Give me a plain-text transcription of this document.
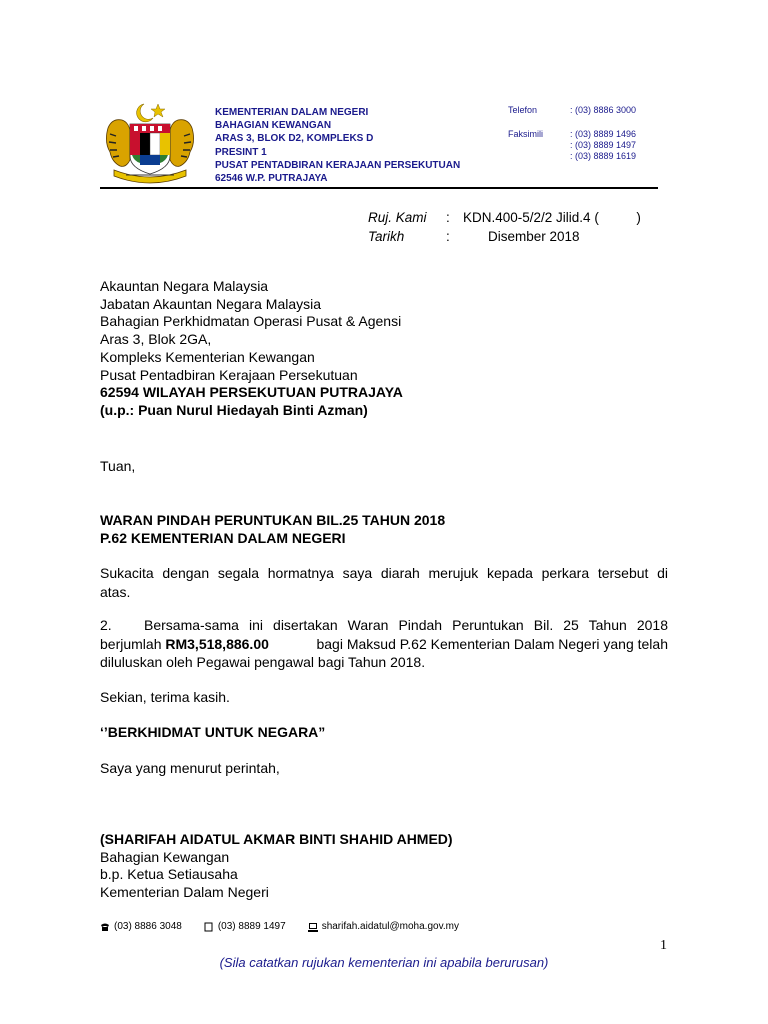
KEMENTERIAN DALAM NEGERI
BAHAGIAN KEWANGAN
ARAS 3, BLOK D2, KOMPLEKS D
PRESINT 1
PUSAT PENTADBIRAN KERAJAAN PERSEKUTUAN
62546 W.P. PUTRAJAYA
Telefon	: (03) 8886 3000
Faksimili	: (03) 8889 1496
: (03) 8889 1497
: (03) 8889 1619
Ruj. Kami : KDN.400-5/2/2 Jilid.4 (          )
Tarikh	:	Disember 2018
Akauntan Negara Malaysia
Jabatan Akauntan Negara Malaysia
Bahagian Perkhidmatan Operasi Pusat & Agensi
Aras 3, Blok 2GA,
Kompleks Kementerian Kewangan
Pusat Pentadbiran Kerajaan Persekutuan
62594 WILAYAH PERSEKUTUAN PUTRAJAYA
(u.p.: Puan Nurul Hiedayah Binti Azman)
Tuan,
WARAN PINDAH PERUNTUKAN BIL.25 TAHUN 2018
P.62 KEMENTERIAN DALAM NEGERI
Sukacita dengan segala hormatnya saya diarah merujuk kepada perkara tersebut di
atas.
2. Bersama-sama ini disertakan Waran Pindah Peruntukan Bil. 25 Tahun 2018
berjumlah RM3,518,886.00	bagi Maksud P.62 Kementerian Dalam Negeri yang telah
diluluskan oleh Pegawai pengawal bagi Tahun 2018.
Sekian, terima kasih.
‘’BERKHIDMAT UNTUK NEGARA”
Saya yang menurut perintah,
(SHARIFAH AIDATUL AKMAR BINTI SHAHID AHMED)
Bahagian Kewangan
b.p. Ketua Setiausaha
Kementerian Dalam Negeri
(03) 8886 3048	(03) 8889 1497	sharifah.aidatul@moha.gov.my
1
(Sila catatkan rujukan kementerian ini apabila berurusan)
